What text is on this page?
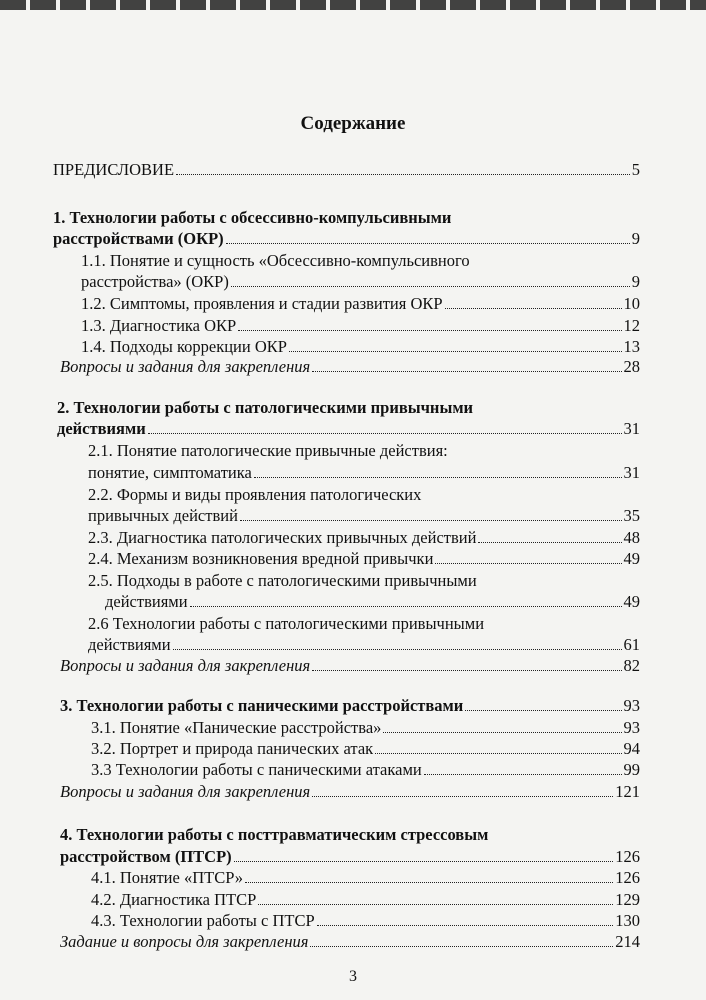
Содержание
ПРЕДИСЛОВИЕ	5
1. Технологии работы с обсессивно-компульсивными
расстройствами (ОКР)	9
1.1. Понятие и сущность «Обсессивно-компульсивного
расстройства» (ОКР)	9
1.2. Симптомы, проявления и стадии развития ОКР	10
1.3. Диагностика ОКР	12
1.4. Подходы коррекции ОКР	13
Вопросы и задания для закрепления	28
2. Технологии работы с патологическими привычными
действиями	31
2.1. Понятие патологические привычные действия:
понятие, симптоматика	31
2.2. Формы и виды проявления патологических
привычных действий	35
2.3. Диагностика патологических привычных действий	48
2.4. Механизм возникновения вредной привычки	49
2.5. Подходы в работе с патологическими привычными
действиями	49
2.6 Технологии работы с патологическими привычными
действиями	61
Вопросы и задания для закрепления	82
3. Технологии работы с паническими расстройствами	93
3.1. Понятие «Панические расстройства»	93
3.2. Портрет и природа панических атак	94
3.3 Технологии работы с паническими атаками	99
Вопросы и задания для закрепления	121
4. Технологии работы с посттравматическим стрессовым
расстройством (ПТСР)	126
4.1. Понятие «ПТСР»	126
4.2. Диагностика ПТСР	129
4.3. Технологии работы с ПТСР	130
Задание и вопросы для закрепления	214
3
